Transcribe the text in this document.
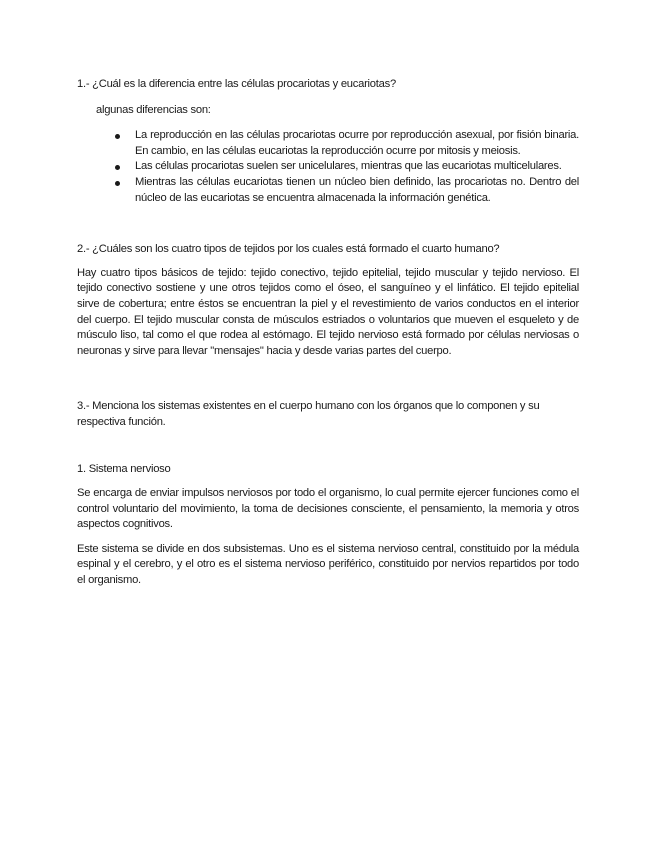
1.- ¿Cuál es la diferencia entre las células procariotas y eucariotas?

algunas diferencias son:

La reproducción en las células procariotas ocurre por reproducción asexual, por fisión binaria. En cambio, en las células eucariotas la reproducción ocurre por mitosis y meiosis.
Las células procariotas suelen ser unicelulares, mientras que las eucariotas multicelulares.
Mientras las células eucariotas tienen un núcleo bien definido, las procariotas no. Dentro del núcleo de las eucariotas se encuentra almacenada la información genética.

2.- ¿Cuáles son los cuatro tipos de tejidos por los cuales está formado el cuarto humano?

Hay cuatro tipos básicos de tejido: tejido conectivo, tejido epitelial, tejido muscular y tejido nervioso. El tejido conectivo sostiene y une otros tejidos como el óseo, el sanguíneo y el linfático. El tejido epitelial sirve de cobertura; entre éstos se encuentran la piel y el revestimiento de varios conductos en el interior del cuerpo. El tejido muscular consta de músculos estriados o voluntarios que mueven el esqueleto y de músculo liso, tal como el que rodea al estómago. El tejido nervioso está formado por células nerviosas o neuronas y sirve para llevar "mensajes" hacia y desde varias partes del cuerpo.

3.- Menciona los sistemas existentes en el cuerpo humano con los órganos que lo componen y su respectiva función.

1. Sistema nervioso

Se encarga de enviar impulsos nerviosos por todo el organismo, lo cual permite ejercer funciones como el control voluntario del movimiento, la toma de decisiones consciente, el pensamiento, la memoria y otros aspectos cognitivos.

Este sistema se divide en dos subsistemas. Uno es el sistema nervioso central, constituido por la médula espinal y el cerebro, y el otro es el sistema nervioso periférico, constituido por nervios repartidos por todo el organismo.
